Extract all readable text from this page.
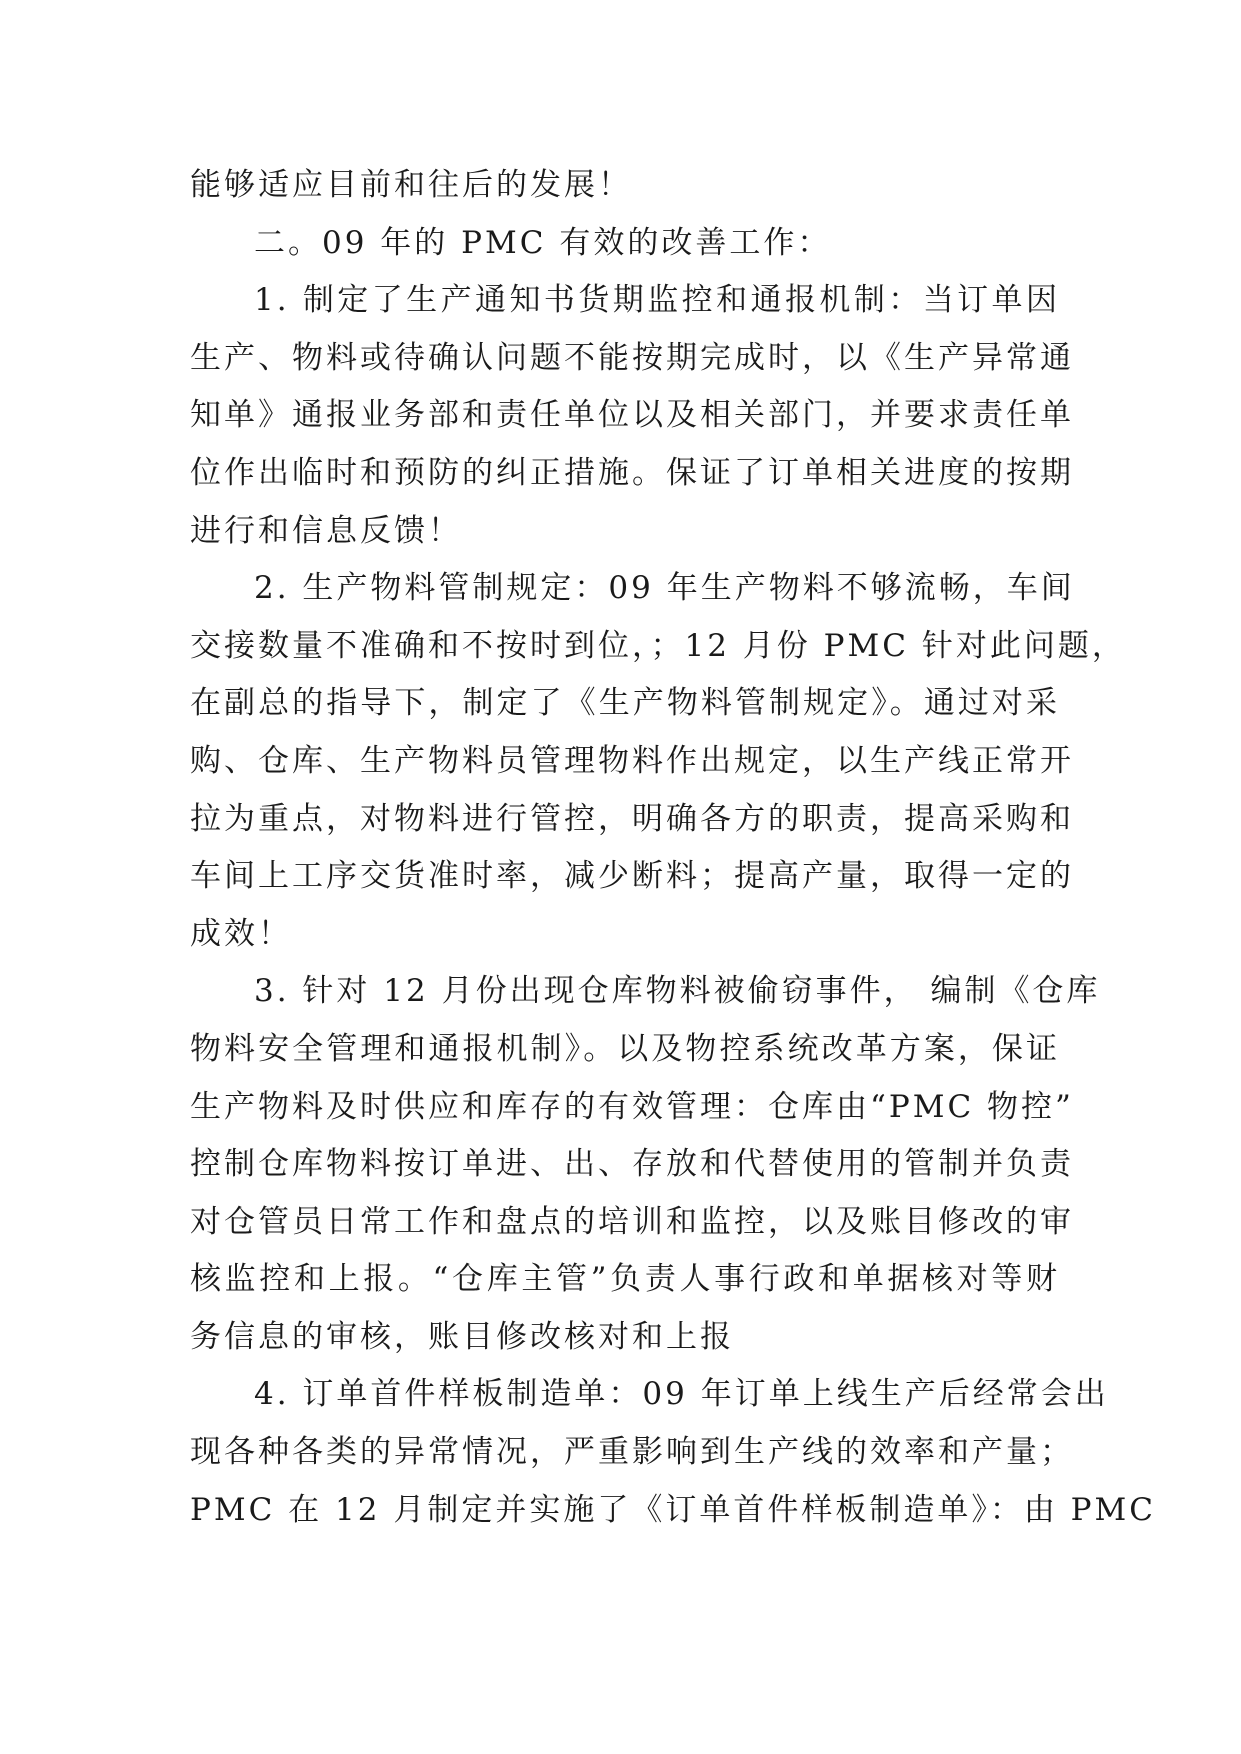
能够适应目前和往后的发展！
二。09 年的 PMC 有效的改善工作：
1. 制定了生产通知书货期监控和通报机制：当订单因
生产、物料或待确认问题不能按期完成时，以《生产异常通
知单》通报业务部和责任单位以及相关部门，并要求责任单
位作出临时和预防的纠正措施。保证了订单相关进度的按期
进行和信息反馈！
2. 生产物料管制规定：09 年生产物料不够流畅，车间
交接数量不准确和不按时到位，；12 月份 PMC 针对此问题，
在副总的指导下，制定了《生产物料管制规定》。通过对采
购、仓库、生产物料员管理物料作出规定，以生产线正常开
拉为重点，对物料进行管控，明确各方的职责，提高采购和
车间上工序交货准时率，减少断料；提高产量，取得一定的
成效！
3. 针对 12 月份出现仓库物料被偷窃事件， 编制《仓库
物料安全管理和通报机制》。以及物控系统改革方案，保证
生产物料及时供应和库存的有效管理：仓库由“PMC 物控”
控制仓库物料按订单进、出、存放和代替使用的管制并负责
对仓管员日常工作和盘点的培训和监控，以及账目修改的审
核监控和上报。“仓库主管”负责人事行政和单据核对等财
务信息的审核，账目修改核对和上报
4. 订单首件样板制造单：09 年订单上线生产后经常会出
现各种各类的异常情况，严重影响到生产线的效率和产量；
PMC 在 12 月制定并实施了《订单首件样板制造单》：由 PMC
